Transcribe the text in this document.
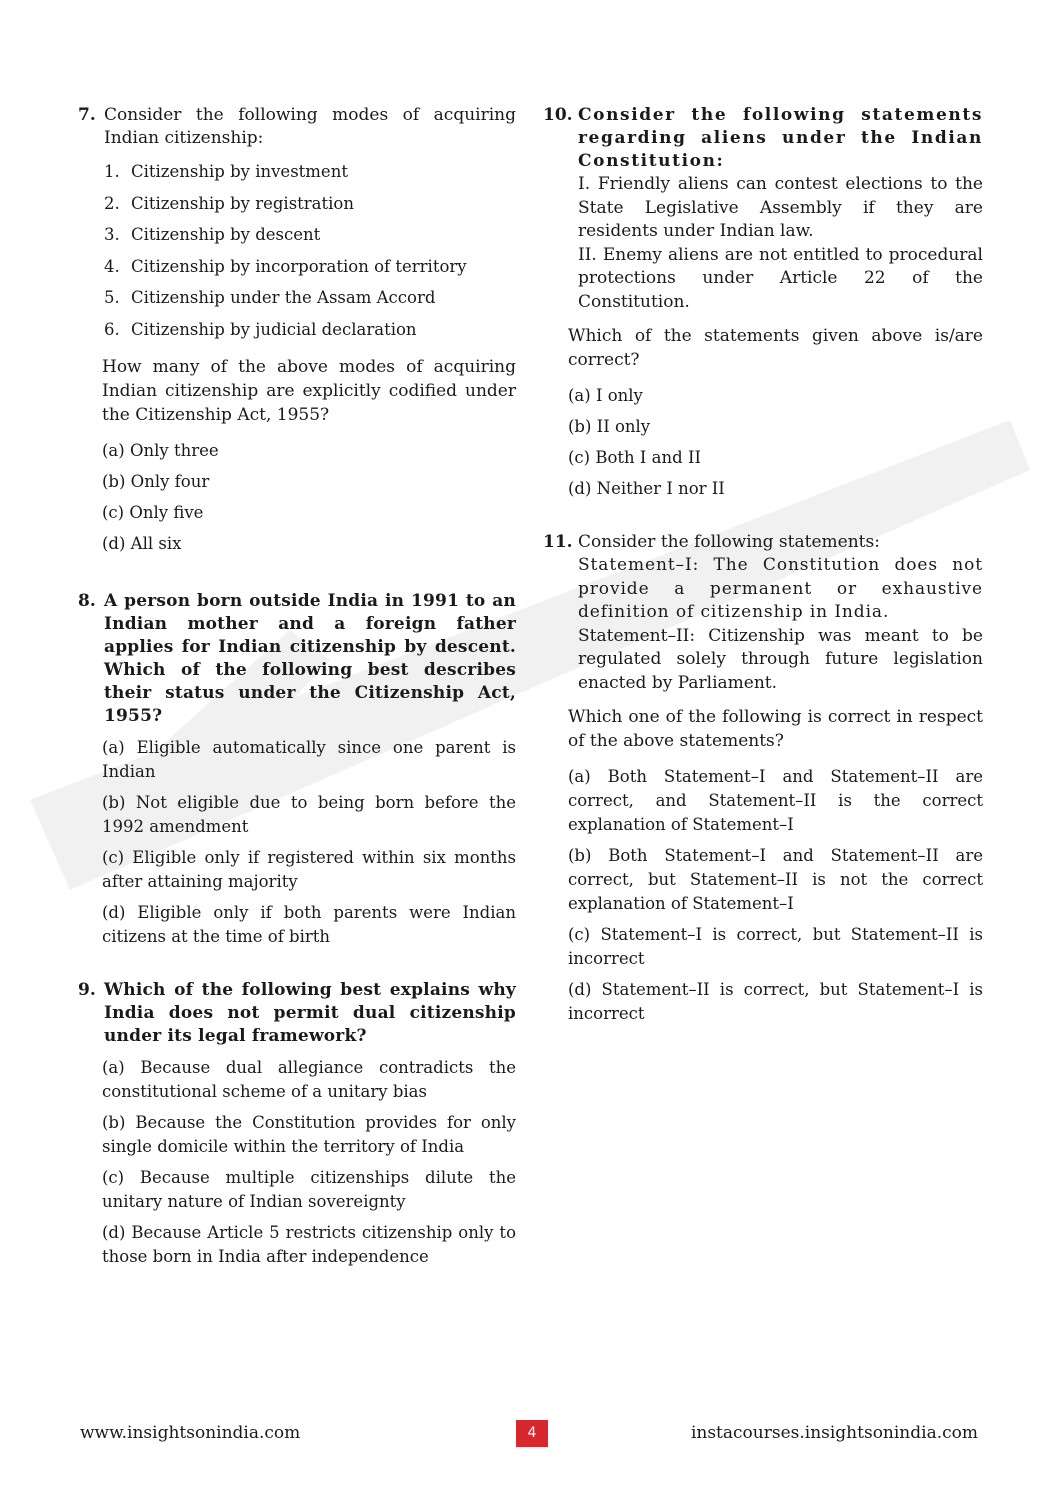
7. Consider the following modes of acquiring Indian citizenship:
1. Citizenship by investment
2. Citizenship by registration
3. Citizenship by descent
4. Citizenship by incorporation of territory
5. Citizenship under the Assam Accord
6. Citizenship by judicial declaration
How many of the above modes of acquiring Indian citizenship are explicitly codified under the Citizenship Act, 1955?
(a) Only three
(b) Only four
(c) Only five
(d) All six
8. A person born outside India in 1991 to an Indian mother and a foreign father applies for Indian citizenship by descent. Which of the following best describes their status under the Citizenship Act, 1955?
(a) Eligible automatically since one parent is Indian
(b) Not eligible due to being born before the 1992 amendment
(c) Eligible only if registered within six months after attaining majority
(d) Eligible only if both parents were Indian citizens at the time of birth
9. Which of the following best explains why India does not permit dual citizenship under its legal framework?
(a) Because dual allegiance contradicts the constitutional scheme of a unitary bias
(b) Because the Constitution provides for only single domicile within the territory of India
(c) Because multiple citizenships dilute the unitary nature of Indian sovereignty
(d) Because Article 5 restricts citizenship only to those born in India after independence
10. Consider the following statements regarding aliens under the Indian Constitution:
I. Friendly aliens can contest elections to the State Legislative Assembly if they are residents under Indian law.
II. Enemy aliens are not entitled to procedural protections under Article 22 of the Constitution.
Which of the statements given above is/are correct?
(a) I only
(b) II only
(c) Both I and II
(d) Neither I nor II
11. Consider the following statements:
Statement–I: The Constitution does not provide a permanent or exhaustive definition of citizenship in India.
Statement–II: Citizenship was meant to be regulated solely through future legislation enacted by Parliament.
Which one of the following is correct in respect of the above statements?
(a) Both Statement–I and Statement–II are correct, and Statement–II is the correct explanation of Statement–I
(b) Both Statement–I and Statement–II are correct, but Statement–II is not the correct explanation of Statement–I
(c) Statement–I is correct, but Statement–II is incorrect
(d) Statement–II is correct, but Statement–I is incorrect
www.insightsonindia.com	4	instacourses.insightsonindia.com
